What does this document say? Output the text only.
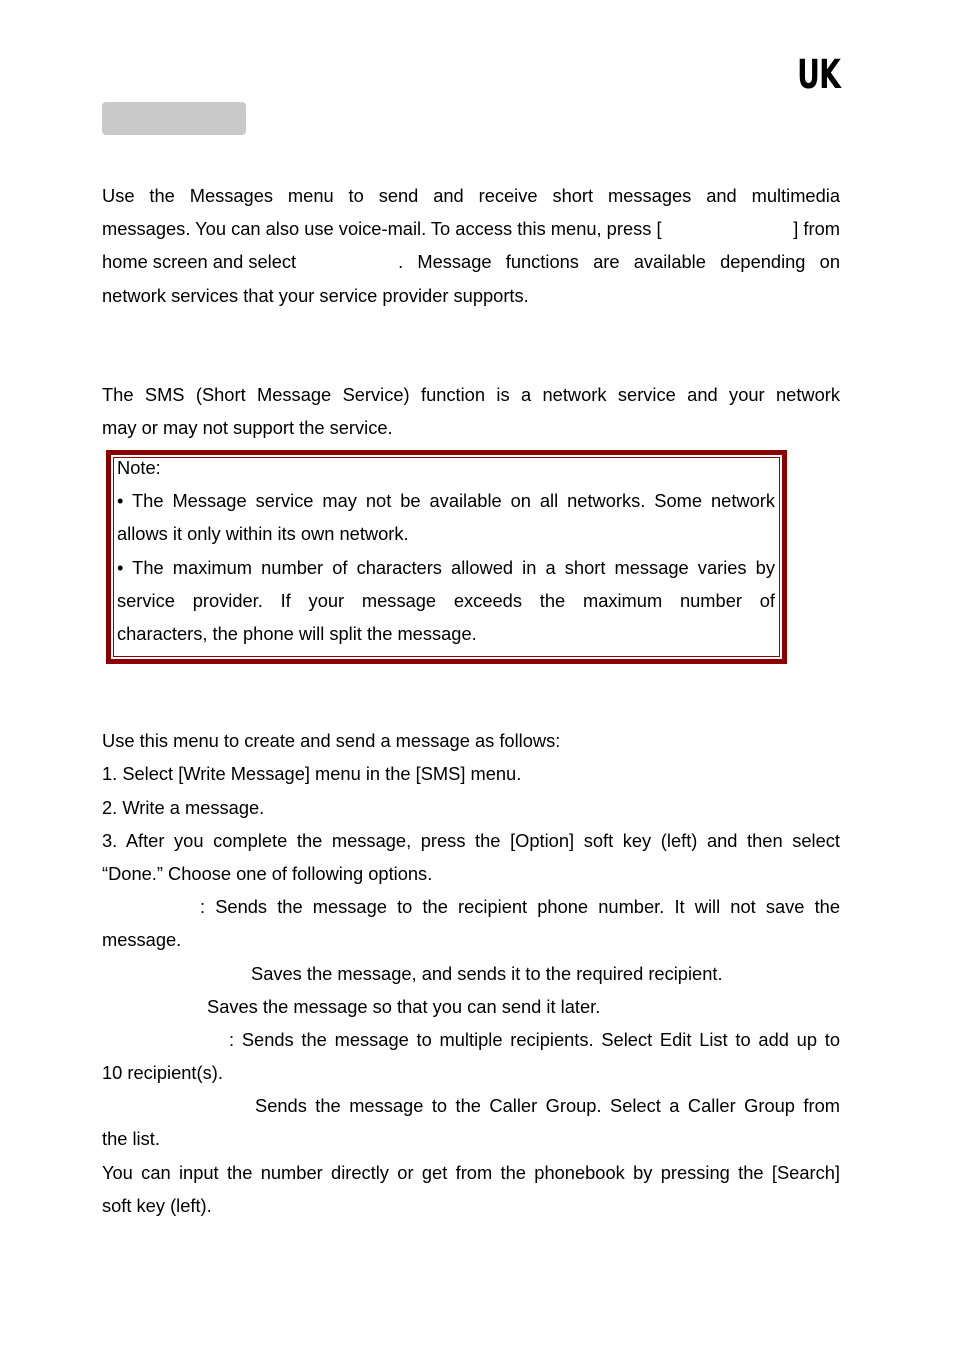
UK
Use the Messages menu to send and receive short messages and multimedia
messages. You can also use voice-mail. To access this menu, press [	] from
home screen and select	. Message functions are available depending on
network services that your service provider supports.
The SMS (Short Message Service) function is a network service and your network
may or may not support the service.
Note:
• The Message service may not be available on all networks. Some network
allows it only within its own network.
• The maximum number of characters allowed in a short message varies by
service provider. If your message exceeds the maximum number of
characters, the phone will split the message.
Use this menu to create and send a message as follows:
1. Select [Write Message] menu in the [SMS] menu.
2. Write a message.
3. After you complete the message, press the [Option] soft key (left) and then select
“Done.” Choose one of following options.
: Sends the message to the recipient phone number. It will not save the
message.
Saves the message, and sends it to the required recipient.
Saves the message so that you can send it later.
: Sends the message to multiple recipients. Select Edit List to add up to
10 recipient(s).
Sends the message to the Caller Group. Select a Caller Group from
the list.
You can input the number directly or get from the phonebook by pressing the [Search]
soft key (left).
